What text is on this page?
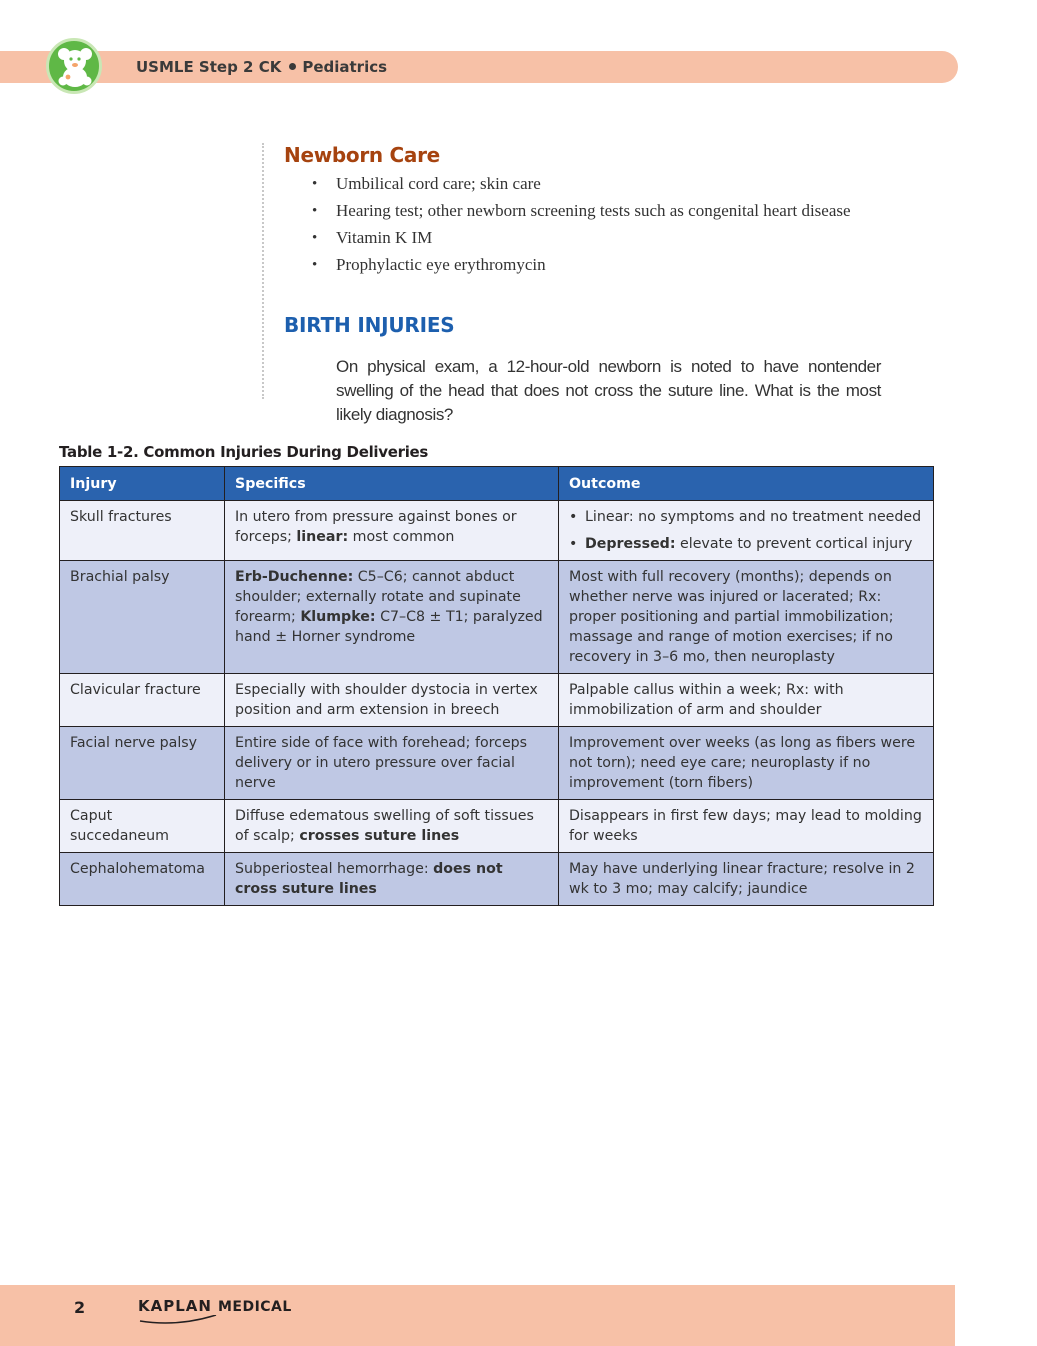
USMLE Step 2 CK Pediatrics
Newborn Care
• Umbilical cord care; skin care
• Hearing test; other newborn screening tests such as congenital heart disease
• Vitamin K IM
• Prophylactic eye erythromycin
BIRTH INJURIES
On physical exam, a 12-hour-old newborn is noted to have nontender swelling of the head that does not cross the suture line. What is the most likely diagnosis?
Table 1-2. Common Injuries During Deliveries
Injury	Specifics	Outcome
Skull fractures	In utero from pressure against bones or forceps; linear: most common	• Linear: no symptoms and no treatment needed
• Depressed: elevate to prevent cortical injury

Brachial palsy	Erb-Duchenne: C5–C6; cannot abduct shoulder; externally rotate and supinate forearm; Klumpke: C7–C8 ± T1; paralyzed hand ± Horner syndrome	Most with full recovery (months); depends on whether nerve was injured or lacerated; Rx: proper positioning and partial immobilization; massage and range of motion exercises; if no recovery in 3–6 mo, then neuroplasty
Clavicular fracture	Especially with shoulder dystocia in vertex position and arm extension in breech	Palpable callus within a week; Rx: with immobilization of arm and shoulder
Facial nerve palsy	Entire side of face with forehead; forceps delivery or in utero pressure over facial nerve	Improvement over weeks (as long as fibers were not torn); need eye care; neuroplasty if no improvement (torn fibers)
Caput succedaneum	Diffuse edematous swelling of soft tissues of scalp; crosses suture lines	Disappears in first few days; may lead to molding for weeks
Cephalohematoma	Subperiosteal hemorrhage: does not cross suture lines	May have underlying linear fracture; resolve in 2 wk to 3 mo; may calcify; jaundice
2	KAPLAN MEDICAL
